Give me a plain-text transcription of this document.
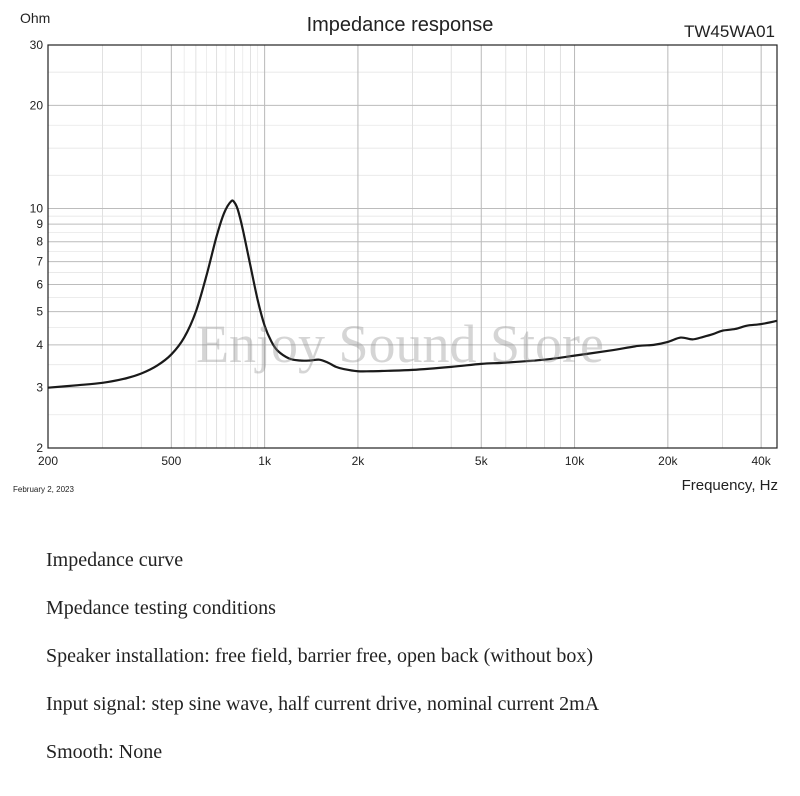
200	500	1k	2k	5k	10k	20k	40k
2
3
4
5
6
7
8
9
10
20
30
Ohm	Impedance response	TW45WA01
Frequency, Hz
February 2, 2023
Enjoy Sound Store
Impedance curve
Mpedance testing conditions
Speaker installation: free field, barrier free, open back (without box)
Input signal: step sine wave, half current drive, nominal current 2mA
Smooth: None
